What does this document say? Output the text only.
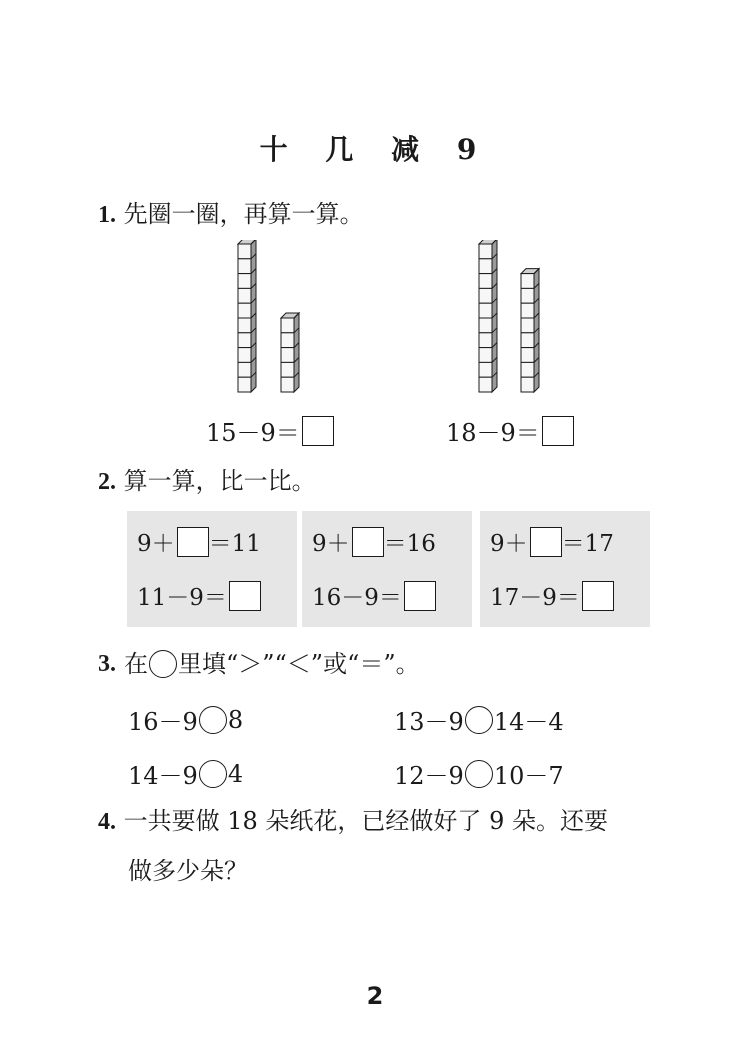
十 几 减 9
1. 先圈一圈，再算一算。
15－9＝	18－9＝
2. 算一算，比一比。
9＋ ＝11
11－9＝
9＋ ＝16
16－9＝
9＋ ＝17
17－9＝
3. 在 里填“＞”“＜”或“＝”。
16－9 8	13－9 14－4
14－9 4	12－9 10－7
4. 一共要做 18 朵纸花，已经做好了 9 朵。还要
做多少朵？
2
